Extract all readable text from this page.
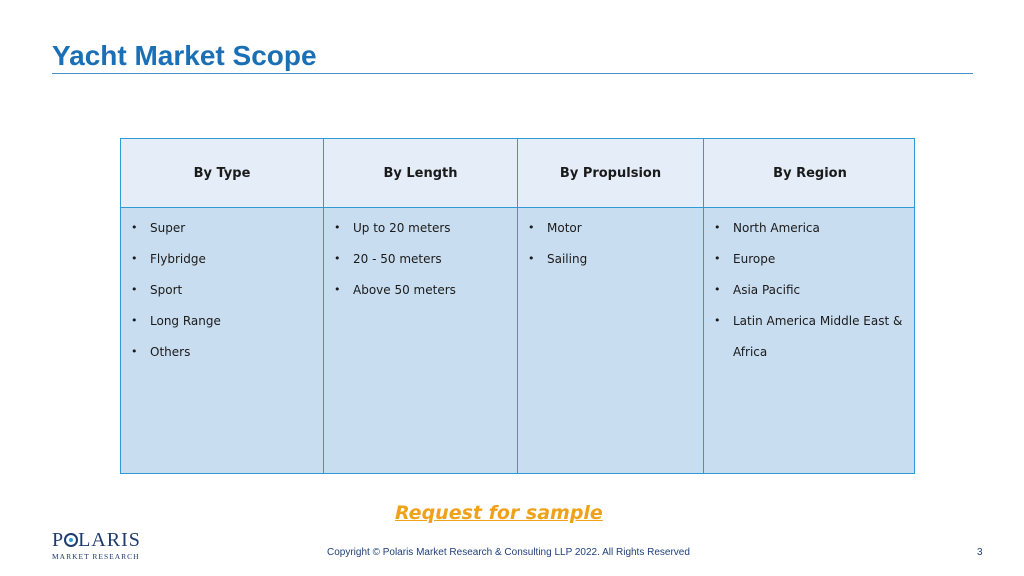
Yacht Market Scope
By Type
• Super
• Flybridge
• Sport
• Long Range
• Others
By Length
• Up to 20 meters
• 20 - 50 meters
• Above 50 meters
By Propulsion
• Motor
• Sailing
By Region
• North America
• Europe
• Asia Pacific
• Latin America Middle East &
Africa
Request for sample
P LARIS
MARKET RESEARCH	Copyright © Polaris Market Research & Consulting LLP 2022. All Rights Reserved	3
